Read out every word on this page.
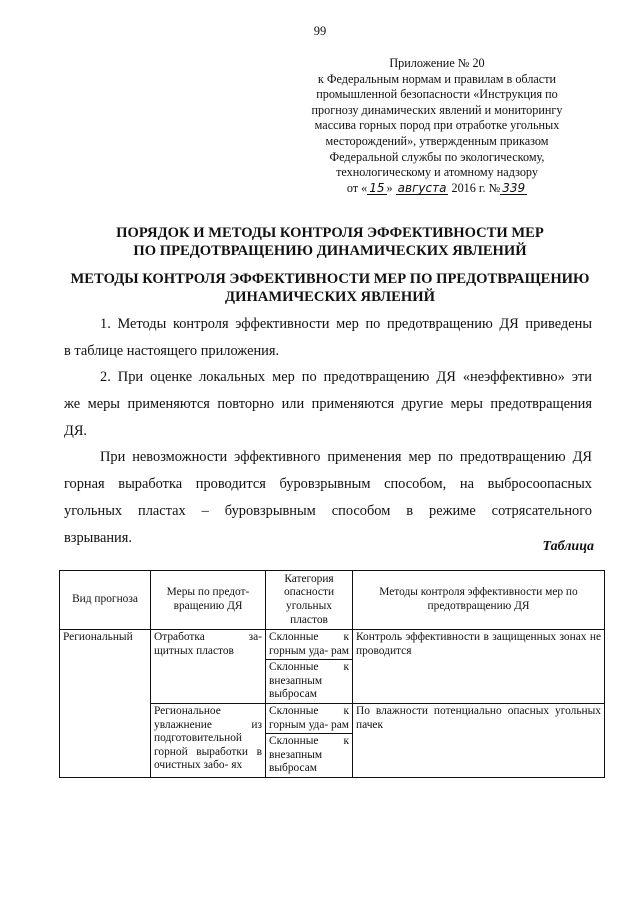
99
Приложение № 20
к Федеральным нормам и правилам в области
промышленной безопасности «Инструкция по
прогнозу динамических явлений и мониторингу
массива горных пород при отработке угольных
месторождений», утвержденным приказом
Федеральной службы по экологическому,
технологическому и атомному надзору
от « 15 » августа 2016 г. № 339
ПОРЯДОК И МЕТОДЫ КОНТРОЛЯ ЭФФЕКТИВНОСТИ МЕР
ПО ПРЕДОТВРАЩЕНИЮ ДИНАМИЧЕСКИХ ЯВЛЕНИЙ
МЕТОДЫ КОНТРОЛЯ ЭФФЕКТИВНОСТИ МЕР ПО ПРЕДОТВРАЩЕНИЮ
ДИНАМИЧЕСКИХ ЯВЛЕНИЙ
1. Методы контроля эффективности мер по предотвращению ДЯ приведены
в таблице настоящего приложения.
2. При оценке локальных мер по предотвращению ДЯ «неэффективно» эти
же меры применяются повторно или применяются другие меры предотвращения
ДЯ.
При невозможности эффективного применения мер по предотвращению ДЯ
горная выработка проводится буровзрывным способом, на выбросоопасных
угольных пластах – буровзрывным способом в режиме сотрясательного
взрывания.
Таблица
Вид прогноза	Меры по предот- вращению ДЯ	Категория опасности угольных пластов	Методы контроля эффективности мер по предотвращению ДЯ
Региональный	Отработка за- щитных пластов	Склонные к горным уда- рам	Контроль эффективности в защищенных зонах не проводится
		Склонные к внезапным выбросам	
	Региональное увлажнение из подготовительной горной выработки в очистных забо- ях	Склонные к горным уда- рам	По влажности потенциально опасных угольных пачек
		Склонные к внезапным выбросам	
